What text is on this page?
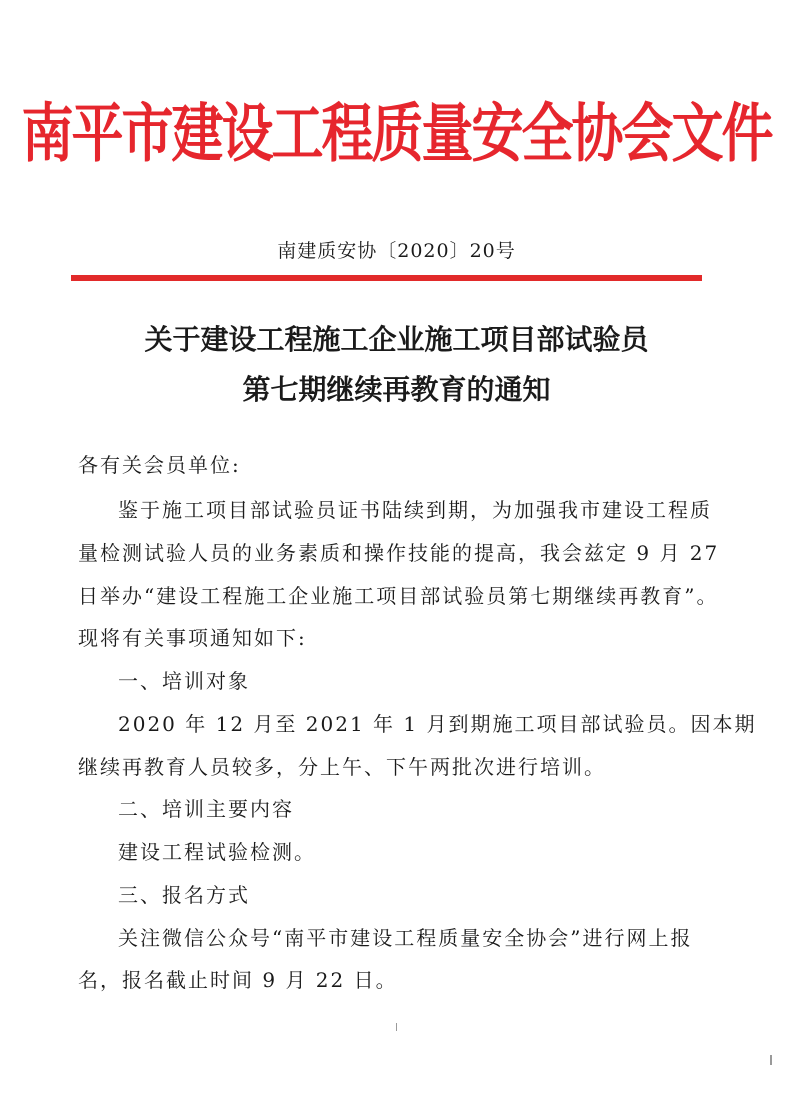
南平市建设工程质量安全协会文件
南建质安协〔2020〕20号
关于建设工程施工企业施工项目部试验员
第七期继续再教育的通知
各有关会员单位:
鉴于施工项目部试验员证书陆续到期，为加强我市建设工程质
量检测试验人员的业务素质和操作技能的提高，我会兹定 9 月 27
日举办“建设工程施工企业施工项目部试验员第七期继续再教育”。
现将有关事项通知如下:
一、培训对象
2020 年 12 月至 2021 年 1 月到期施工项目部试验员。因本期
继续再教育人员较多，分上午、下午两批次进行培训。
二、培训主要内容
建设工程试验检测。
三、报名方式
关注微信公众号“南平市建设工程质量安全协会”进行网上报
名，报名截止时间 9 月 22 日。
